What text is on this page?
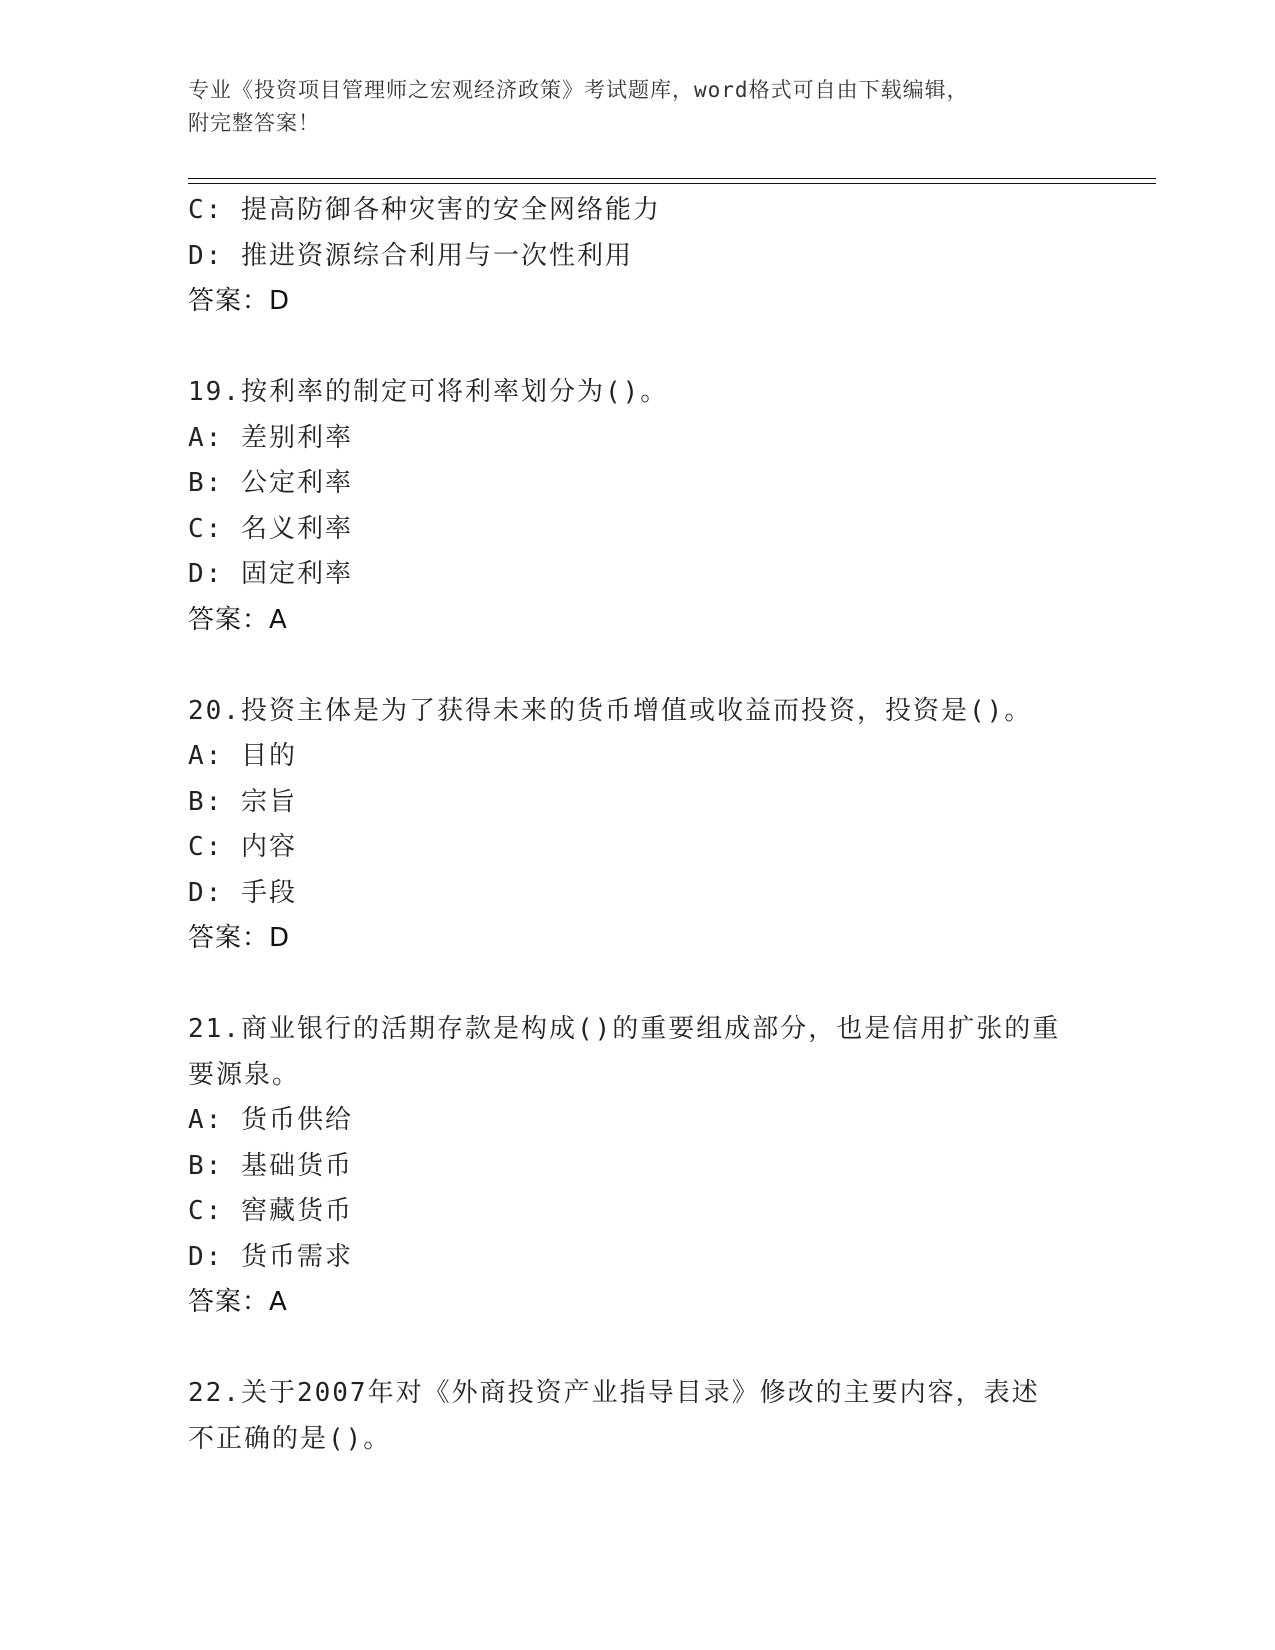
专业《投资项目管理师之宏观经济政策》考试题库，word格式可自由下载编辑，
附完整答案！
C: 提高防御各种灾害的安全网络能力
D: 推进资源综合利用与一次性利用
答案：D
19.按利率的制定可将利率划分为()。
A: 差别利率
B: 公定利率
C: 名义利率
D: 固定利率
答案：A
20.投资主体是为了获得未来的货币增值或收益而投资，投资是()。
A: 目的
B: 宗旨
C: 内容
D: 手段
答案：D
21.商业银行的活期存款是构成()的重要组成部分，也是信用扩张的重
要源泉。
A: 货币供给
B: 基础货币
C: 窖藏货币
D: 货币需求
答案：A
22.关于2007年对《外商投资产业指导目录》修改的主要内容，表述
不正确的是()。
